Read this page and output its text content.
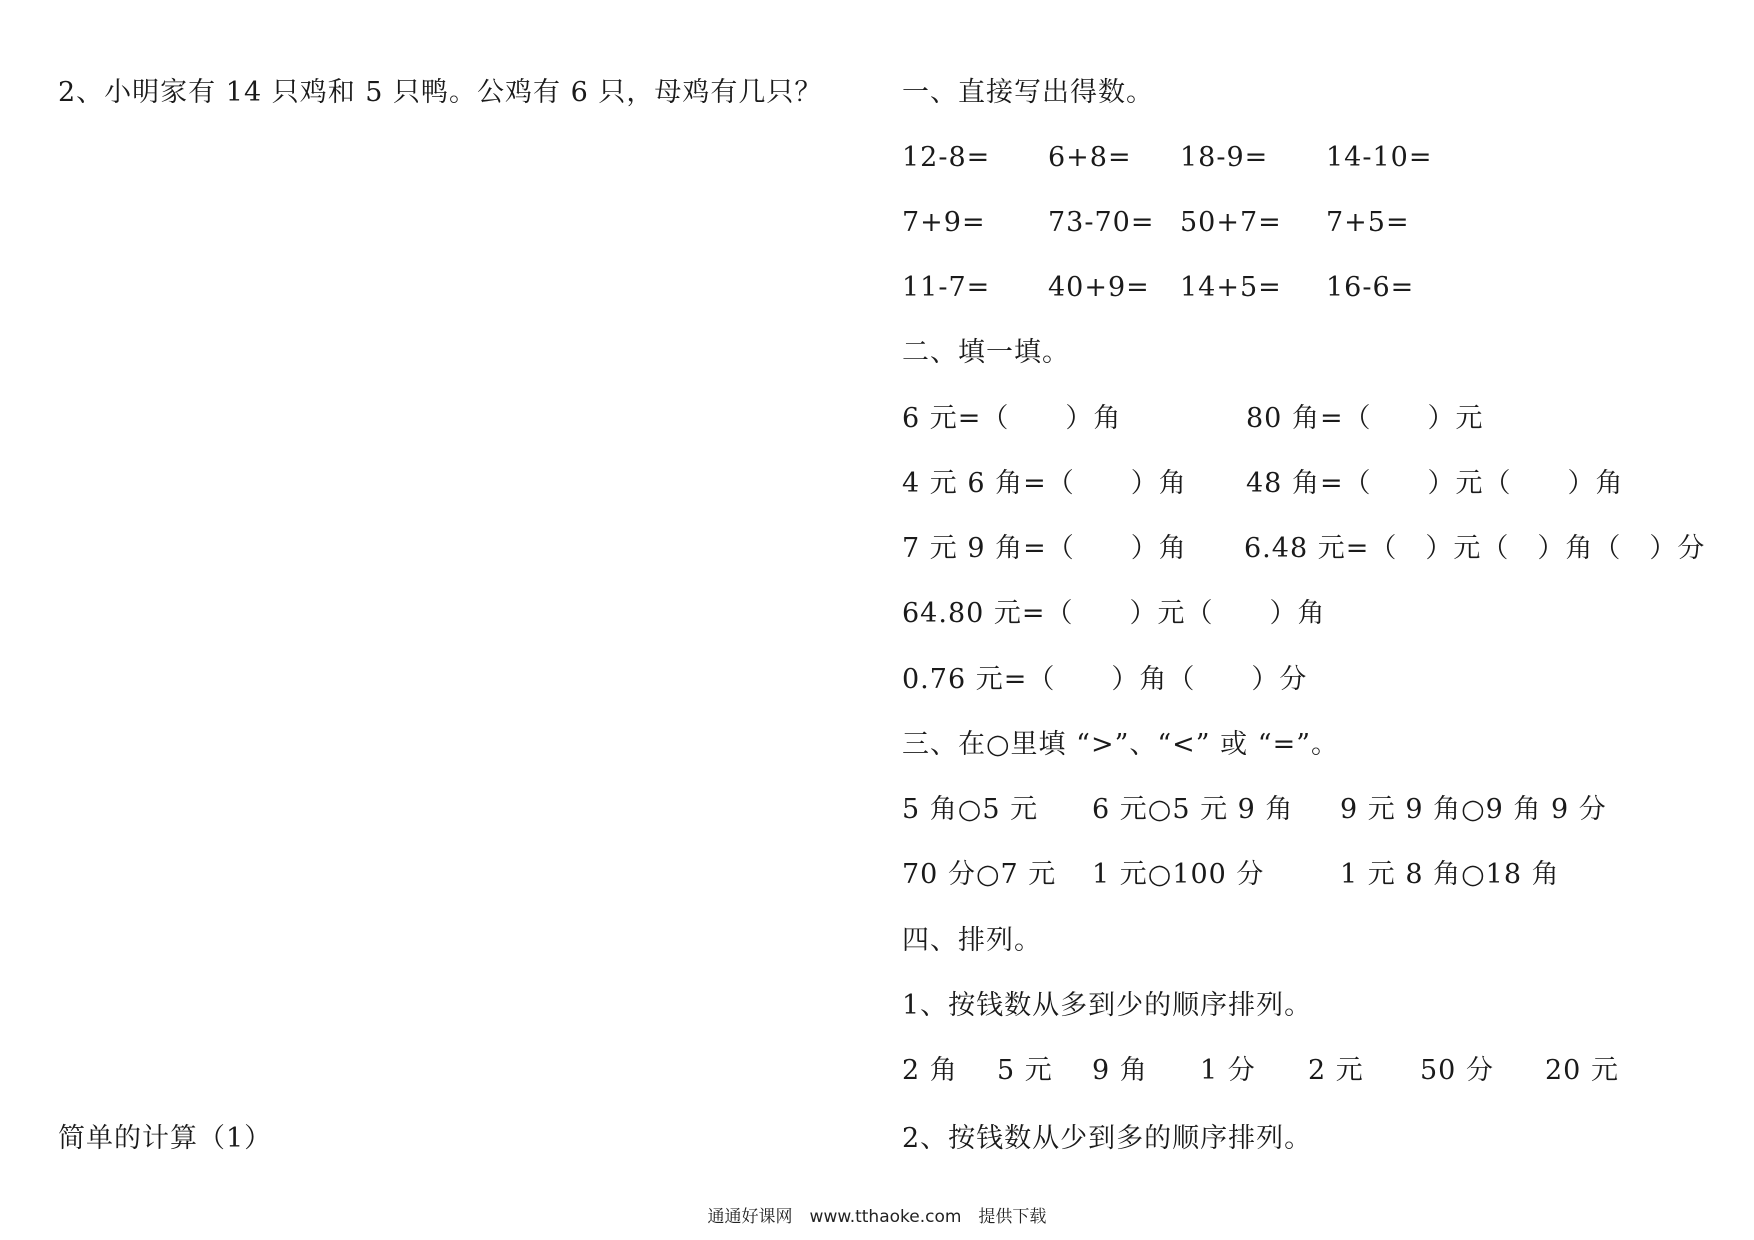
2、小明家有 14 只鸡和 5 只鸭。公鸡有 6 只，母鸡有几只？
简单的计算（1）
一、直接写出得数。
12-8= 6+8= 18-9= 14-10=
7+9= 73-70= 50+7= 7+5=
11-7= 40+9= 14+5= 16-6=
二、填一填。
6 元=（　　）角	80 角=（　　）元
4 元 6 角=（　　）角 48 角=（　　）元（　　）角
7 元 9 角=（　　）角 6.48 元=（　）元（　）角（　）分
64.80 元=（　　）元（　　）角
0.76 元=（　　）角（　　）分
三、在○里填 “>”、“<” 或 “=”。
5 角○5 元 6 元○5 元 9 角 9 元 9 角○9 角 9 分
70 分○7 元 1 元○100 分	1 元 8 角○18 角
四、排列。
1、按钱数从多到少的顺序排列。
2 角 5 元 9 角 1 分 2 元 50 分 20 元
2、按钱数从少到多的顺序排列。
通通好课网　www.tthaoke.com　提供下载
